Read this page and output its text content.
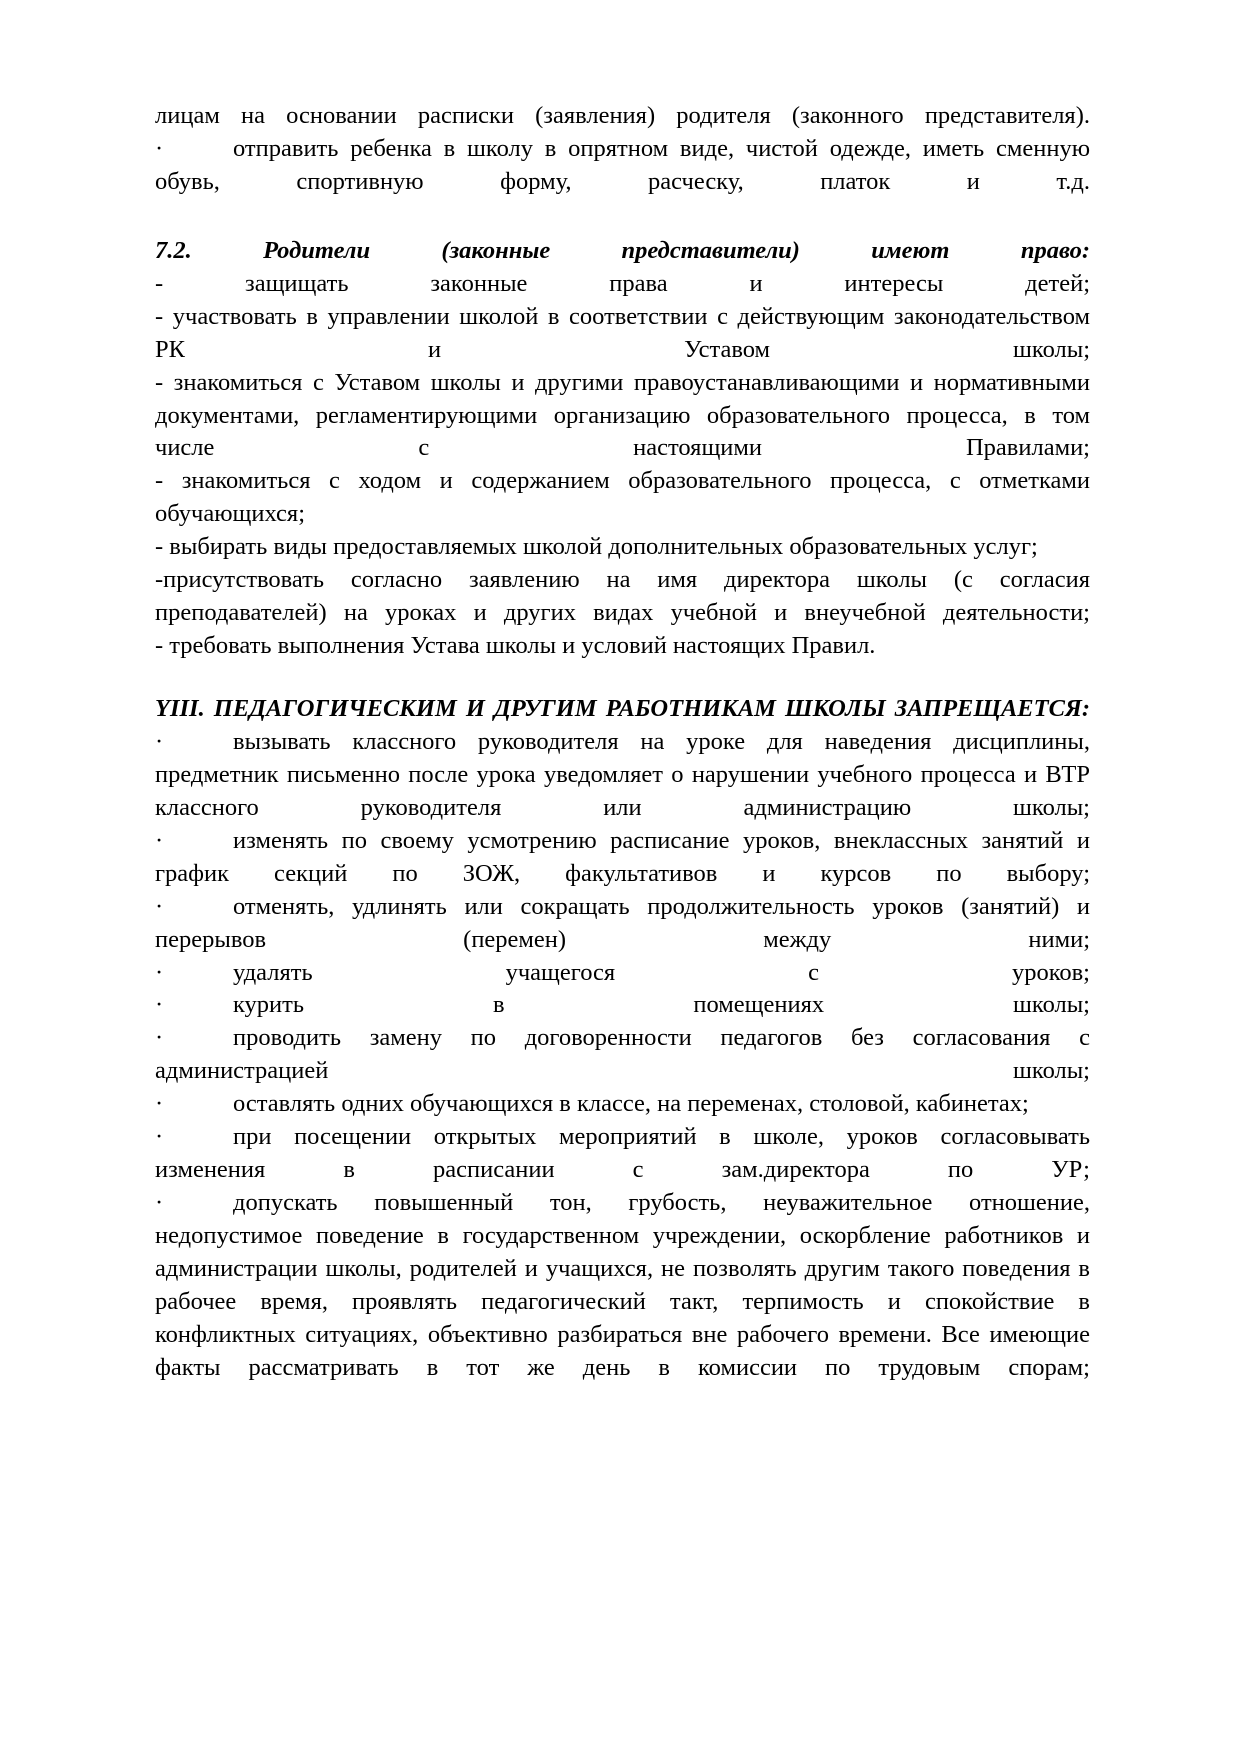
лицам на основании расписки (заявления) родителя (законного представителя).

·	отправить ребенка в школу в опрятном виде, чистой одежде, иметь сменную обувь, спортивную форму, расческу, платок и т.д.

7.2. Родители (законные представители) имеют право:

- защищать законные права и интересы детей;

- участвовать в управлении школой в соответствии с действующим законодательством РК и Уставом школы;

- знакомиться с Уставом школы и другими правоустанавливающими и нормативными документами, регламентирующими организацию образовательного процесса, в том числе с настоящими Правилами;

- знакомиться с ходом и содержанием образовательного процесса, с отметками обучающихся;

- выбирать виды предоставляемых школой дополнительных образовательных услуг;

-присутствовать согласно заявлению на имя директора школы (с согласия преподавателей) на уроках и других видах учебной и внеучебной деятельности;

- требовать выполнения Устава школы и условий настоящих Правил.

YIII. ПЕДАГОГИЧЕСКИМ И ДРУГИМ РАБОТНИКАМ ШКОЛЫ ЗАПРЕЩАЕТСЯ :

·	вызывать классного руководителя на уроке для наведения дисциплины, предметник письменно после урока уведомляет о нарушении учебного процесса и ВТР классного руководителя или администрацию школы;

·	изменять по своему усмотрению расписание уроков, внеклассных занятий и график секций по ЗОЖ, факультативов и курсов по выбору;

·	отменять, удлинять или сокращать продолжительность уроков (занятий) и перерывов (перемен) между ними;

·	удалять учащегося с уроков;

·	курить в помещениях школы;

·	проводить замену по договоренности педагогов без согласования с администрацией школы;

·	оставлять одних обучающихся в классе, на переменах, столовой, кабинетах;

·	при посещении открытых мероприятий в школе, уроков согласовывать изменения в расписании с зам.директора по УР;

·	допускать повышенный тон, грубость, неуважительное отношение, недопустимое поведение в государственном учреждении, оскорбление работников и администрации школы, родителей и учащихся, не позволять другим такого поведения в рабочее время, проявлять педагогический такт, терпимость и спокойствие в конфликтных ситуациях, объективно разбираться вне рабочего времени. Все имеющие факты рассматривать в тот же день в комиссии по трудовым спорам;
